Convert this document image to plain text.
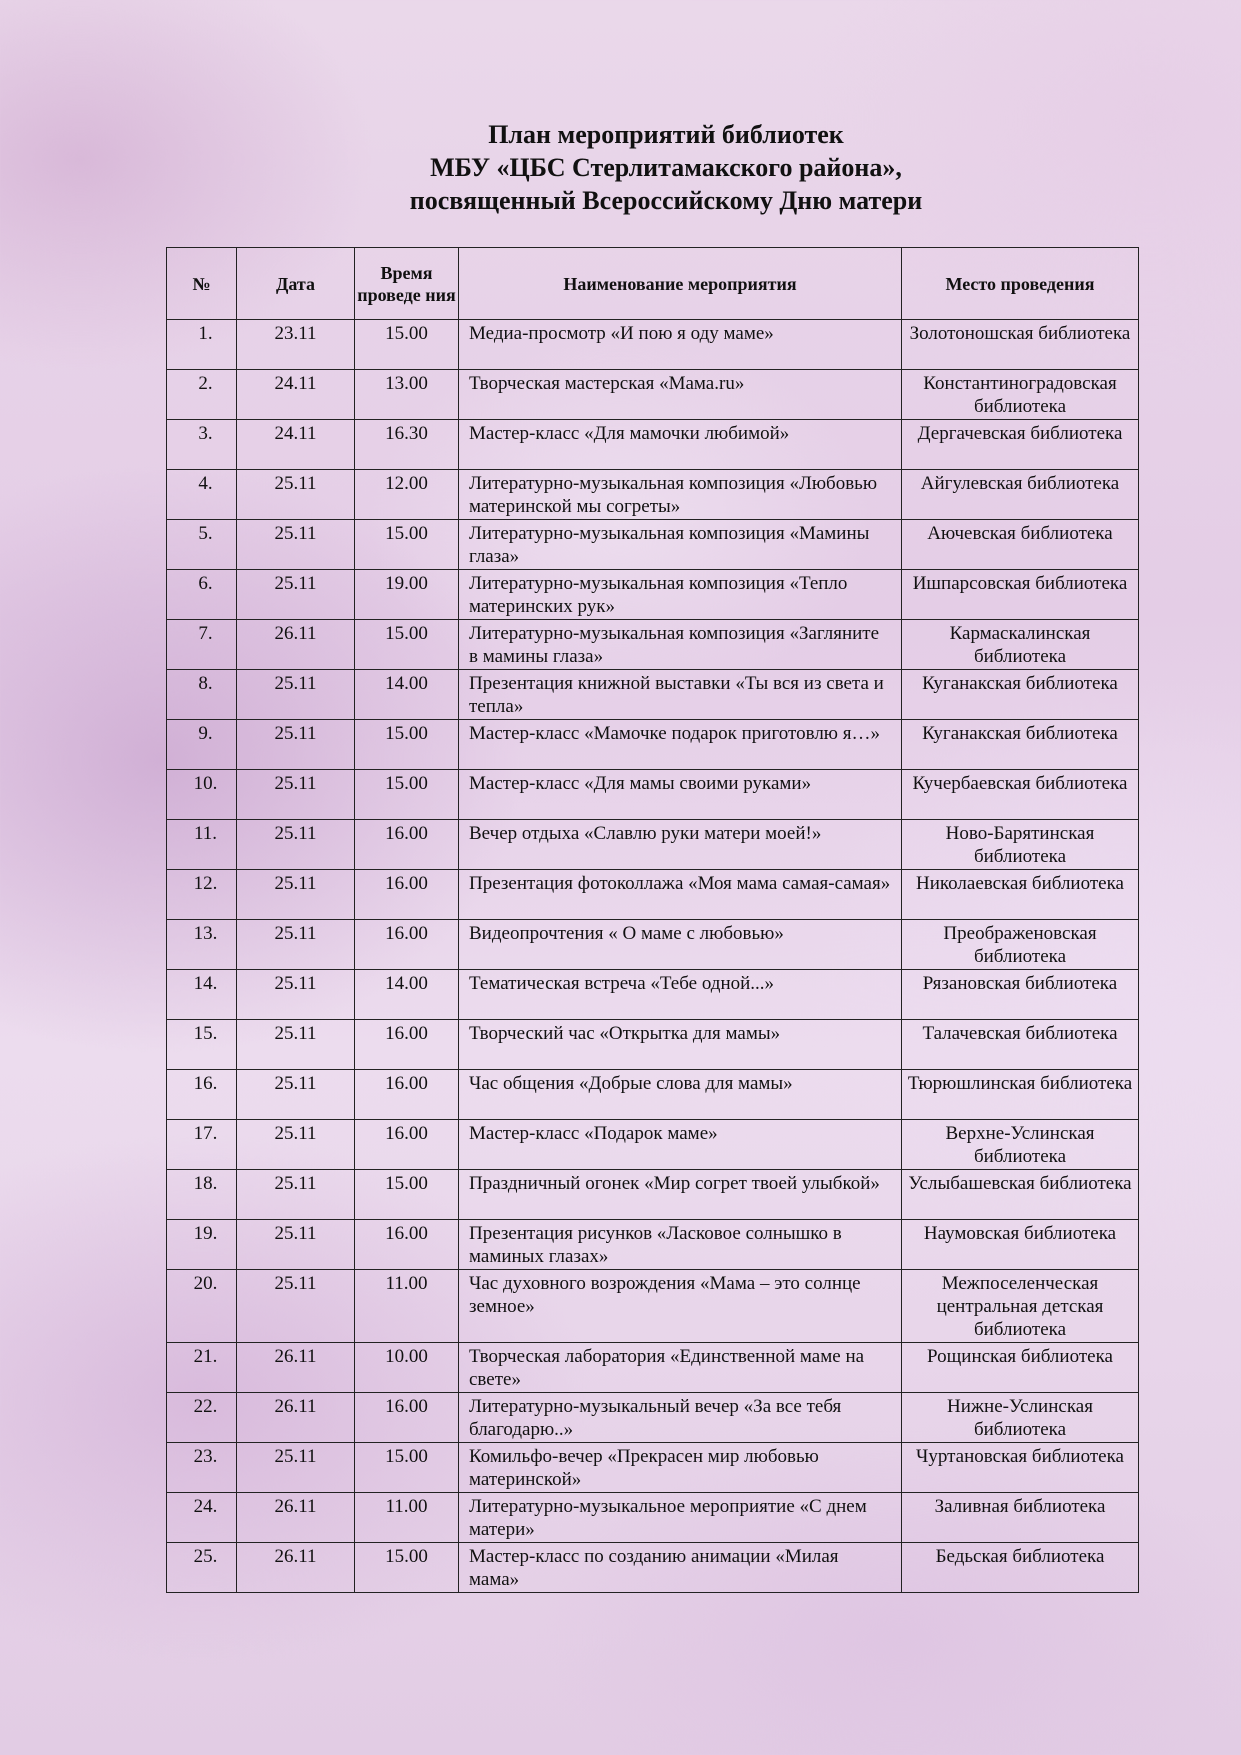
План мероприятий библиотек
МБУ «ЦБС Стерлитамакского района»,
посвященный Всероссийскому Дню матери
№	Дата	Время проведе ния	Наименование мероприятия	Место проведения

1.	23.11	15.00	Медиа-просмотр «И пою я оду маме»	Золотоношская библиотека
2.	24.11	13.00	Творческая мастерская «Мама.ru»	Константиноградовская библиотека
3.	24.11	16.30	Мастер-класс «Для мамочки любимой»	Дергачевская библиотека
4.	25.11	12.00	Литературно-музыкальная композиция «Любовью материнской мы согреты»	Айгулевская библиотека
5.	25.11	15.00	Литературно-музыкальная композиция «Мамины глаза»	Аючевская библиотека
6.	25.11	19.00	Литературно-музыкальная композиция «Тепло материнских рук»	Ишпарсовская библиотека
7.	26.11	15.00	Литературно-музыкальная композиция «Загляните в мамины глаза»	Кармаскалинская библиотека
8.	25.11	14.00	Презентация книжной выставки «Ты вся из света и тепла»	Куганакская библиотека
9.	25.11	15.00	Мастер-класс «Мамочке подарок приготовлю я…»	Куганакская библиотека
10.	25.11	15.00	Мастер-класс «Для мамы своими руками»	Кучербаевская библиотека
11.	25.11	16.00	Вечер отдыха «Славлю руки матери моей!»	Ново-Барятинская библиотека
12.	25.11	16.00	Презентация фотоколлажа «Моя мама самая-самая»	Николаевская библиотека
13.	25.11	16.00	Видеопрочтения « О маме с любовью»	Преображеновская библиотека
14.	25.11	14.00	Тематическая встреча «Тебе одной...»	Рязановская библиотека
15.	25.11	16.00	Творческий час «Открытка для мамы»	Талачевская библиотека
16.	25.11	16.00	Час общения «Добрые слова для мамы»	Тюрюшлинская библиотека
17.	25.11	16.00	Мастер-класс «Подарок маме»	Верхне-Услинская библиотека
18.	25.11	15.00	Праздничный огонек «Мир согрет твоей улыбкой»	Услыбашевская библиотека
19.	25.11	16.00	Презентация рисунков «Ласковое солнышко в маминых глазах»	Наумовская библиотека
20.	25.11	11.00	Час духовного возрождения «Мама – это солнце земное»	Межпоселенческая центральная детская библиотека
21.	26.11	10.00	Творческая лаборатория «Единственной маме на свете»	Рощинская библиотека
22.	26.11	16.00	Литературно-музыкальный вечер «За все тебя благодарю..»	Нижне-Услинская библиотека
23.	25.11	15.00	Комильфо-вечер «Прекрасен мир любовью материнской»	Чуртановская библиотека
24.	26.11	11.00	Литературно-музыкальное мероприятие «С днем матери»	Заливная библиотека
25.	26.11	15.00	Мастер-класс по созданию анимации «Милая мама»	Бедьская библиотека
